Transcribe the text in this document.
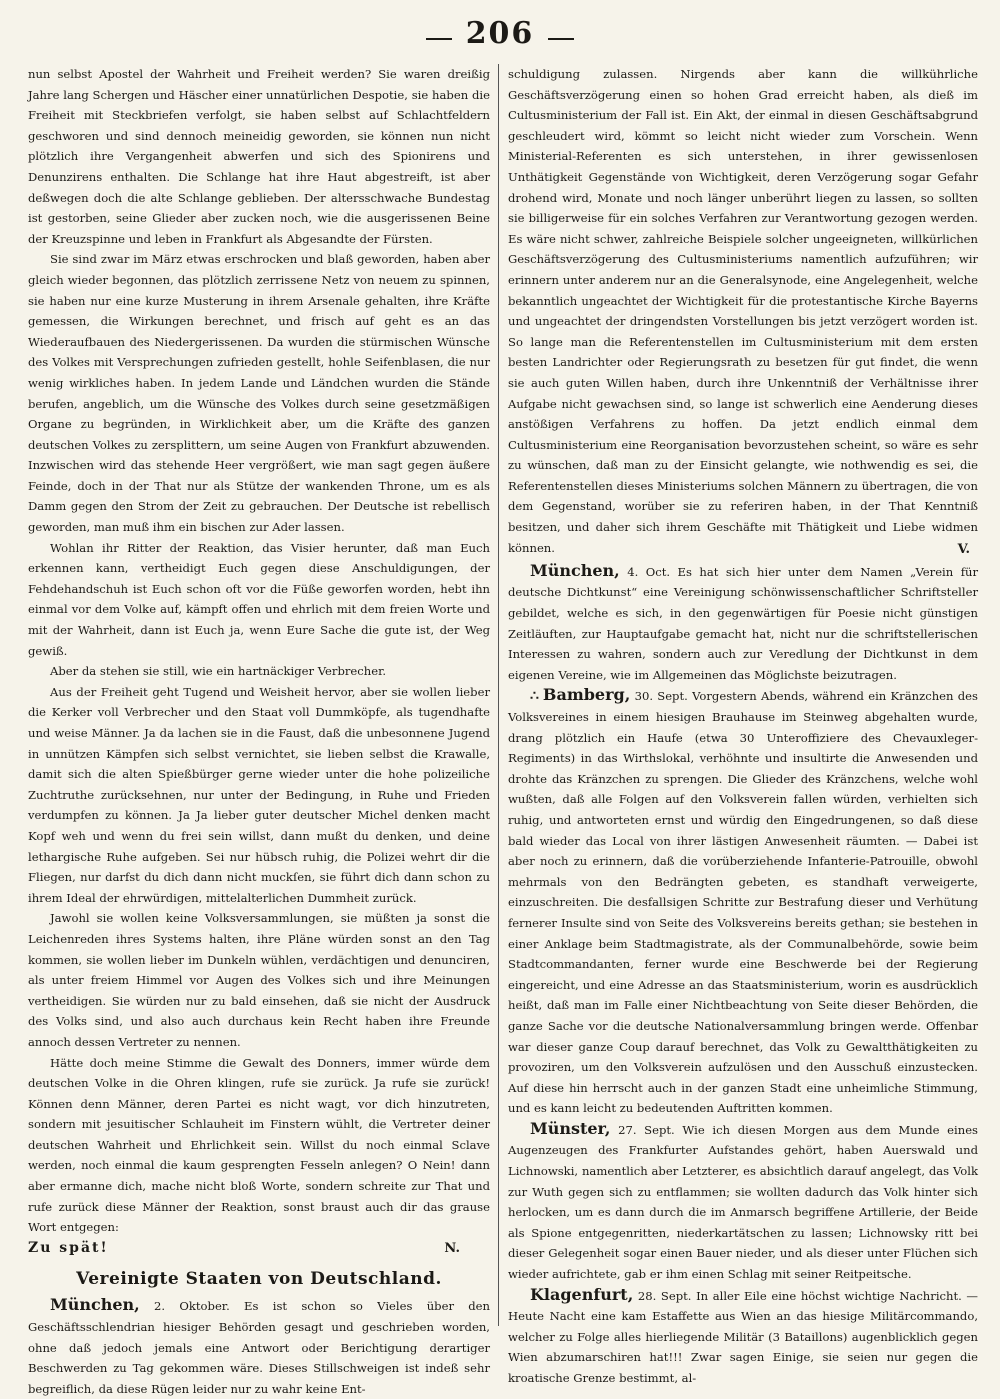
206

nun selbst Apostel der Wahrheit und Freiheit werden? Sie waren dreißig Jahre lang Schergen und Häscher einer unnatürlichen Despotie, sie haben die Freiheit mit Steckbriefen verfolgt, sie haben selbst auf Schlachtfeldern geschworen und sind dennoch meineidig geworden, sie können nun nicht plötzlich ihre Vergangenheit abwerfen und sich des Spionirens und Denunzirens enthalten. Die Schlange hat ihre Haut abgestreift, ist aber deßwegen doch die alte Schlange geblieben. Der altersschwache Bundestag ist gestorben, seine Glieder aber zucken noch, wie die ausgerissenen Beine der Kreuzspinne und leben in Frankfurt als Abgesandte der Fürsten.

Sie sind zwar im März etwas erschrocken und blaß geworden, haben aber gleich wieder begonnen, das plötzlich zerrissene Netz von neuem zu spinnen, sie haben nur eine kurze Musterung in ihrem Arsenale gehalten, ihre Kräfte gemessen, die Wirkungen berechnet, und frisch auf geht es an das Wiederaufbauen des Niedergerissenen. Da wurden die stürmischen Wünsche des Volkes mit Versprechungen zufrieden gestellt, hohle Seifenblasen, die nur wenig wirkliches haben. In jedem Lande und Ländchen wurden die Stände berufen, angeblich, um die Wünsche des Volkes durch seine gesetzmäßigen Organe zu begründen, in Wirklichkeit aber, um die Kräfte des ganzen deutschen Volkes zu zersplittern, um seine Augen von Frankfurt abzuwenden. Inzwischen wird das stehende Heer vergrößert, wie man sagt gegen äußere Feinde, doch in der That nur als Stütze der wankenden Throne, um es als Damm gegen den Strom der Zeit zu gebrauchen. Der Deutsche ist rebellisch geworden, man muß ihm ein bischen zur Ader lassen.

Wohlan ihr Ritter der Reaktion, das Visier herunter, daß man Euch erkennen kann, vertheidigt Euch gegen diese Anschuldigungen, der Fehdehandschuh ist Euch schon oft vor die Füße geworfen worden, hebt ihn einmal vor dem Volke auf, kämpft offen und ehrlich mit dem freien Worte und mit der Wahrheit, dann ist Euch ja, wenn Eure Sache die gute ist, der Weg gewiß.

Aber da stehen sie still, wie ein hartnäckiger Verbrecher.

Aus der Freiheit geht Tugend und Weisheit hervor, aber sie wollen lieber die Kerker voll Verbrecher und den Staat voll Dummköpfe, als tugendhafte und weise Männer. Ja da lachen sie in die Faust, daß die unbesonnene Jugend in unnützen Kämpfen sich selbst vernichtet, sie lieben selbst die Krawalle, damit sich die alten Spießbürger gerne wieder unter die hohe polizeiliche Zuchtruthe zurücksehnen, nur unter der Bedingung, in Ruhe und Frieden verdumpfen zu können. Ja Ja lieber guter deutscher Michel denken macht Kopf weh und wenn du frei sein willst, dann mußt du denken, und deine lethargische Ruhe aufgeben. Sei nur hübsch ruhig, die Polizei wehrt dir die Fliegen, nur darfst du dich dann nicht muckſen, sie führt dich dann schon zu ihrem Ideal der ehrwürdigen, mittelalterlichen Dummheit zurück.

Jawohl sie wollen keine Volksversammlungen, sie müßten ja sonst die Leichenreden ihres Systems halten, ihre Pläne würden sonst an den Tag kommen, sie wollen lieber im Dunkeln wühlen, verdächtigen und denunciren, als unter freiem Himmel vor Augen des Volkes sich und ihre Meinungen vertheidigen. Sie würden nur zu bald einsehen, daß sie nicht der Ausdruck des Volks sind, und also auch durchaus kein Recht haben ihre Freunde annoch dessen Vertreter zu nennen.

Hätte doch meine Stimme die Gewalt des Donners, immer würde dem deutschen Volke in die Ohren klingen, rufe sie zurück. Ja rufe sie zurück! Können denn Männer, deren Partei es nicht wagt, vor dich hinzutreten, sondern mit jesuitischer Schlauheit im Finstern wühlt, die Vertreter deiner deutschen Wahrheit und Ehrlichkeit sein. Willst du noch einmal Sclave werden, noch einmal die kaum gesprengten Fesseln anlegen? O Nein! dann aber ermanne dich, mache nicht bloß Worte, sondern schreite zur That und rufe zurück diese Männer der Reaktion, sonst braust auch dir das grause Wort entgegen:

Zu spät!	N.
Vereinigte Staaten von Deutschland.

München, 2. Oktober. Es ist schon so Vieles über den Geschäftsschlendrian hiesiger Behörden gesagt und geschrieben worden, ohne daß jedoch jemals eine Antwort oder Berichtigung derartiger Beschwerden zu Tag gekommen wäre. Dieses Stillschweigen ist indeß sehr begreiflich, da diese Rügen leider nur zu wahr keine Ent-

schuldigung zulassen. Nirgends aber kann die willkührliche Geschäftsverzögerung einen so hohen Grad erreicht haben, als dieß im Cultusministerium der Fall ist. Ein Akt, der einmal in diesen Geschäftsabgrund geschleudert wird, kömmt so leicht nicht wieder zum Vorschein. Wenn Ministerial-Referenten es sich unterstehen, in ihrer gewissenlosen Unthätigkeit Gegenstände von Wichtigkeit, deren Verzögerung sogar Gefahr drohend wird, Monate und noch länger unberührt liegen zu lassen, so sollten sie billigerweise für ein solches Verfahren zur Verantwortung gezogen werden. Es wäre nicht schwer, zahlreiche Beispiele solcher ungeeigneten, willkürlichen Geschäftsverzögerung des Cultusministeriums namentlich aufzuführen; wir erinnern unter anderem nur an die Generalsynode, eine Angelegenheit, welche bekanntlich ungeachtet der Wichtigkeit für die protestantische Kirche Bayerns und ungeachtet der dringendsten Vorstellungen bis jetzt verzögert worden ist. So lange man die Referentenstellen im Cultusministerium mit dem ersten besten Landrichter oder Regierungsrath zu besetzen für gut findet, die wenn sie auch guten Willen haben, durch ihre Unkenntniß der Verhältnisse ihrer Aufgabe nicht gewachsen sind, so lange ist schwerlich eine Aenderung dieses anstößigen Verfahrens zu hoffen. Da jetzt endlich einmal dem Cultusministerium eine Reorganisation bevorzustehen scheint, so wäre es sehr zu wünschen, daß man zu der Einsicht gelangte, wie nothwendig es sei, die Referentenstellen dieses Ministeriums solchen Männern zu übertragen, die von dem Gegenstand, worüber sie zu referiren haben, in der That Kenntniß besitzen, und daher sich ihrem Geschäfte mit Thätigkeit und Liebe widmen können.	V.

München, 4. Oct. Es hat sich hier unter dem Namen „Verein für deutsche Dichtkunst“ eine Vereinigung schönwissenschaftlicher Schriftsteller gebildet, welche es sich, in den gegenwärtigen für Poesie nicht günstigen Zeitläuften, zur Hauptaufgabe gemacht hat, nicht nur die schriftstellerischen Interessen zu wahren, sondern auch zur Veredlung der Dichtkunst in dem eigenen Vereine, wie im Allgemeinen das Möglichste beizutragen.

∴ Bamberg, 30. Sept. Vorgestern Abends, während ein Kränzchen des Volksvereines in einem hiesigen Brauhause im Steinweg abgehalten wurde, drang plötzlich ein Haufe (etwa 30 Unteroffiziere des Chevauxleger-Regiments) in das Wirthslokal, verhöhnte und insultirte die Anwesenden und drohte das Kränzchen zu sprengen. Die Glieder des Kränzchens, welche wohl wußten, daß alle Folgen auf den Volksverein fallen würden, verhielten sich ruhig, und antworteten ernst und würdig den Eingedrungenen, so daß diese bald wieder das Local von ihrer lästigen Anwesenheit räumten. — Dabei ist aber noch zu erinnern, daß die vorüberziehende Infanterie-Patrouille, obwohl mehrmals von den Bedrängten gebeten, es standhaft verweigerte, einzuschreiten. Die desfallsigen Schritte zur Bestrafung dieser und Verhütung fernerer Insulte sind von Seite des Volksvereins bereits gethan; sie bestehen in einer Anklage beim Stadtmagistrate, als der Communalbehörde, sowie beim Stadtcommandanten, ferner wurde eine Beschwerde bei der Regierung eingereicht, und eine Adresse an das Staatsministerium, worin es ausdrücklich heißt, daß man im Falle einer Nichtbeachtung von Seite dieser Behörden, die ganze Sache vor die deutsche Nationalversammlung bringen werde. Offenbar war dieser ganze Coup darauf berechnet, das Volk zu Gewaltthätigkeiten zu provoziren, um den Volksverein aufzulösen und den Ausschuß einzustecken. Auf diese hin herrscht auch in der ganzen Stadt eine unheimliche Stimmung, und es kann leicht zu bedeutenden Auftritten kommen.

Münster, 27. Sept. Wie ich diesen Morgen aus dem Munde eines Augenzeugen des Frankfurter Aufstandes gehört, haben Auerswald und Lichnowski, namentlich aber Letzterer, es absichtlich darauf angelegt, das Volk zur Wuth gegen sich zu entflammen; sie wollten dadurch das Volk hinter sich herlocken, um es dann durch die im Anmarsch begriffene Artillerie, der Beide als Spione entgegenritten, niederkartätschen zu lassen; Lichnowsky ritt bei dieser Gelegenheit sogar einen Bauer nieder, und als dieser unter Flüchen sich wieder aufrichtete, gab er ihm einen Schlag mit seiner Reitpeitsche.

Klagenfurt, 28. Sept. In aller Eile eine höchst wichtige Nachricht. — Heute Nacht eine kam Estaffette aus Wien an das hiesige Militärcommando, welcher zu Folge alles hierliegende Militär (3 Bataillons) augenblicklich gegen Wien abzumarschiren hat!!! Zwar sagen Einige, sie seien nur gegen die kroatische Grenze bestimmt, al-
